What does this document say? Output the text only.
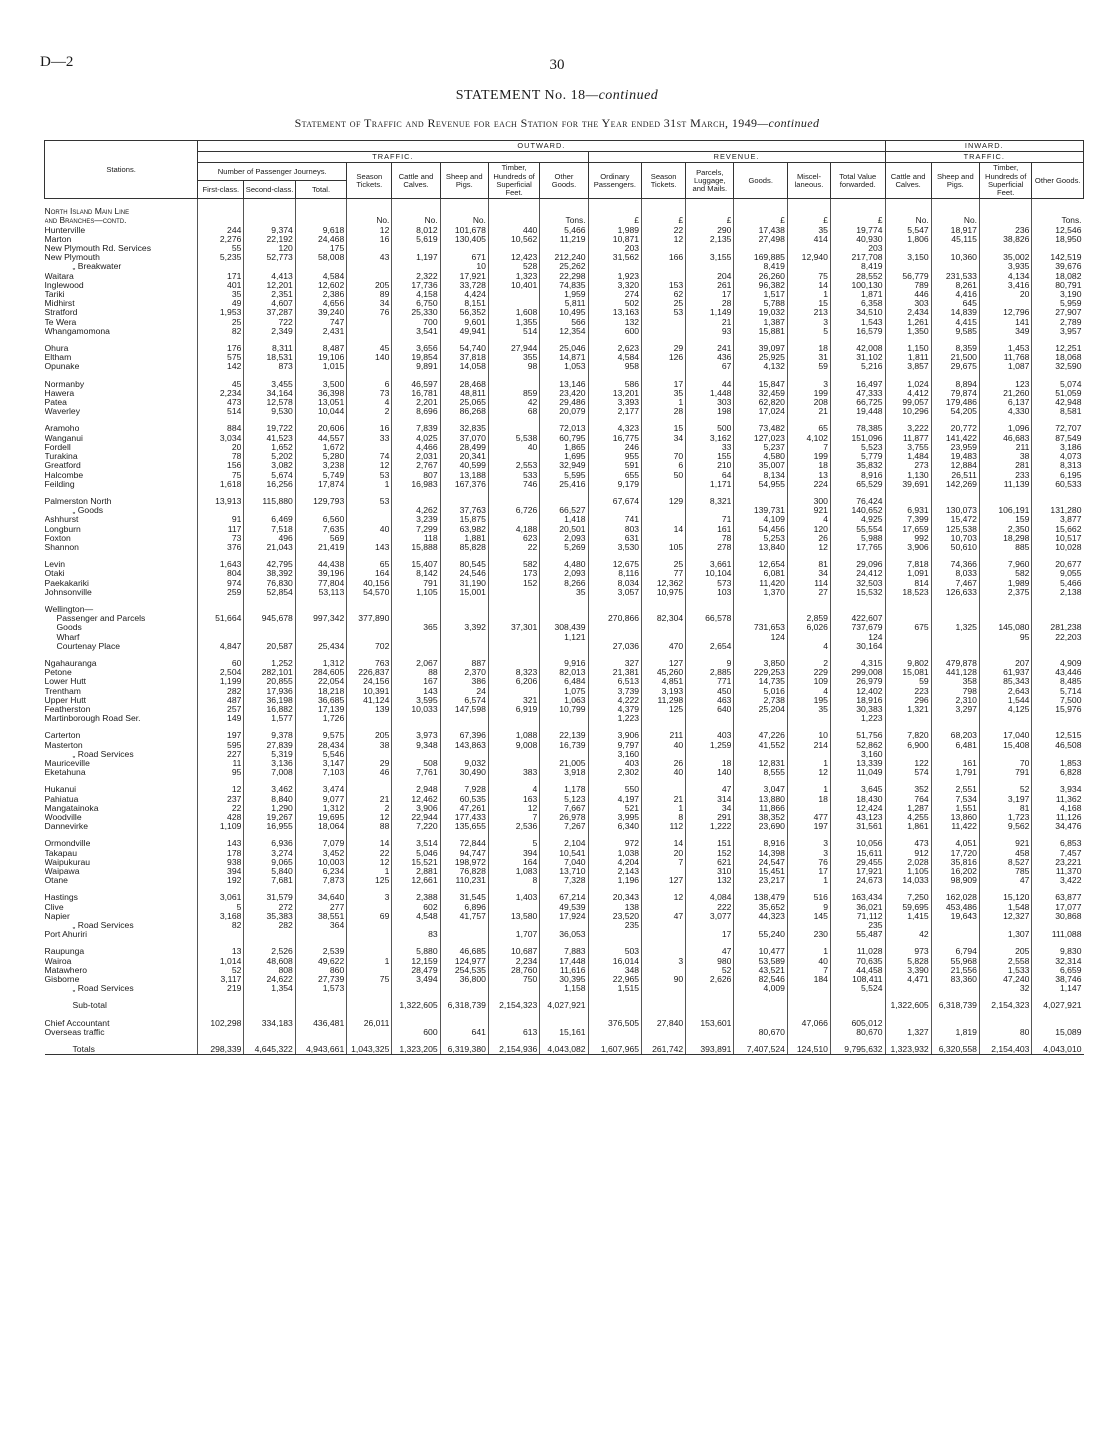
D—2	30
STATEMENT No. 18—continued
Statement of Traffic and Revenue for each Station for the Year ended 31st March, 1949—continued
Stations.	OUTWARD.														INWARD.			
	TRAFFIC.								REVENUE.						TRAFFIC.			
	Number of Passenger Journeys.			Season Tickets.	Cattle and Calves.	Sheep and Pigs.	Timber, Hundreds of Superficial Feet.	Other Goods.	Ordinary Passengers.	Season Tickets.	Parcels, Luggage, and Mails.	Goods.	Miscel-laneous.	Total Value forwarded.	Cattle and Calves.	Sheep and Pigs.	Timber, Hundreds of Superficial Feet.	Other Goods.
	First-class.	Second-class.	Total.															

North Island Main Line																		
and Branches—contd.				No.	No.	No.		Tons.	£	£	£	£	£	£	No.	No.		Tons.
Hunterville	244	9,374	9,618	12	8,012	101,678	440	5,466	1,989	22	290	17,438	35	19,774	5,547	18,917	236	12,546
Marton	2,276	22,192	24,468	16	5,619	130,405	10,562	11,219	10,871	12	2,135	27,498	414	40,930	1,806	45,115	38,826	18,950
New Plymouth Rd. Services	55	120	175						203					203				
New Plymouth	5,235	52,773	58,008	43	1,197	671	12,423	212,240	31,562	166	3,155	169,885	12,940	217,708	3,150	10,360	35,002	142,519
„ Breakwater						10	528	25,262				8,419		8,419			3,935	39,676
Waitara	171	4,413	4,584		2,322	17,921	1,323	22,298	1,923		204	26,260	75	28,552	56,779	231,533	4,134	18,082
Inglewood	401	12,201	12,602	205	17,736	33,728	10,401	74,835	3,320	153	261	96,382	14	100,130	789	8,261	3,416	80,791
Tariki	35	2,351	2,386	89	4,158	4,424		1,959	274	62	17	1,517	1	1,871	446	4,416	20	3,190
Midhirst	49	4,607	4,656	34	6,750	8,151		5,811	502	25	28	5,788	15	6,358	303	645		5,959
Stratford	1,953	37,287	39,240	76	25,330	56,352	1,608	10,495	13,163	53	1,149	19,032	213	34,510	2,434	14,839	12,796	27,907
Te Wera	25	722	747		700	9,601	1,355	566	132		21	1,387	3	1,543	1,261	4,415	141	2,789
Whangamomona	82	2,349	2,431		3,541	49,941	514	12,354	600		93	15,881	5	16,579	1,350	9,585	349	3,957

Ohura	176	8,311	8,487	45	3,656	54,740	27,944	25,046	2,623	29	241	39,097	18	42,008	1,150	8,359	1,453	12,251
Eltham	575	18,531	19,106	140	19,854	37,818	355	14,871	4,584	126	436	25,925	31	31,102	1,811	21,500	11,768	18,068
Opunake	142	873	1,015		9,891	14,058	98	1,053	958		67	4,132	59	5,216	3,857	29,675	1,087	32,590

Normanby	45	3,455	3,500	6	46,597	28,468		13,146	586	17	44	15,847	3	16,497	1,024	8,894	123	5,074
Hawera	2,234	34,164	36,398	73	16,781	48,811	859	23,420	13,201	35	1,448	32,459	199	47,333	4,412	79,874	21,260	51,059
Patea	473	12,578	13,051	4	2,201	25,065	42	29,486	3,393	1	303	62,820	208	66,725	99,057	179,486	6,137	42,948
Waverley	514	9,530	10,044	2	8,696	86,268	68	20,079	2,177	28	198	17,024	21	19,448	10,296	54,205	4,330	8,581

Aramoho	884	19,722	20,606	16	7,839	32,835		72,013	4,323	15	500	73,482	65	78,385	3,222	20,772	1,096	72,707
Wanganui	3,034	41,523	44,557	33	4,025	37,070	5,538	60,795	16,775	34	3,162	127,023	4,102	151,096	11,877	141,422	46,683	87,549
Fordell	20	1,652	1,672		4,466	28,499	40	1,865	246		33	5,237	7	5,523	3,755	23,959	211	3,186
Turakina	78	5,202	5,280	74	2,031	20,341		1,695	955	70	155	4,580	199	5,779	1,484	19,483	38	4,073
Greatford	156	3,082	3,238	12	2,767	40,599	2,553	32,949	591	6	210	35,007	18	35,832	273	12,884	281	8,313
Halcombe	75	5,674	5,749	53	807	13,188	533	5,595	655	50	64	8,134	13	8,916	1,130	26,511	233	6,195
Feilding	1,618	16,256	17,874	1	16,983	167,376	746	25,416	9,179		1,171	54,955	224	65,529	39,691	142,269	11,139	60,533

Palmerston North	13,913	115,880	129,793	53					67,674	129	8,321		300	76,424				
„ Goods					4,262	37,763	6,726	66,527				139,731	921	140,652	6,931	130,073	106,191	131,280
Ashhurst	91	6,469	6,560		3,239	15,875		1,418	741		71	4,109	4	4,925	7,399	15,472	159	3,877
Longburn	117	7,518	7,635	40	7,299	63,982	4,188	20,501	803	14	161	54,456	120	55,554	17,659	125,538	2,350	15,662
Foxton	73	496	569		118	1,881	623	2,093	631		78	5,253	26	5,988	992	10,703	18,298	10,517
Shannon	376	21,043	21,419	143	15,888	85,828	22	5,269	3,530	105	278	13,840	12	17,765	3,906	50,610	885	10,028

Levin	1,643	42,795	44,438	65	15,407	80,545	582	4,480	12,675	25	3,661	12,654	81	29,096	7,818	74,366	7,960	20,677
Otaki	804	38,392	39,196	164	8,142	24,546	173	2,093	8,116	77	10,104	6,081	34	24,412	1,091	8,033	582	9,055
Paekakariki	974	76,830	77,804	40,156	791	31,190	152	8,266	8,034	12,362	573	11,420	114	32,503	814	7,467	1,989	5,466
Johnsonville	259	52,854	53,113	54,570	1,105	15,001		35	3,057	10,975	103	1,370	27	15,532	18,523	126,633	2,375	2,138

Wellington—																		
Passenger and Parcels	51,664	945,678	997,342	377,890					270,866	82,304	66,578		2,859	422,607				
Goods					365	3,392	37,301	308,439				731,653	6,026	737,679	675	1,325	145,080	281,238
Wharf								1,121				124		124			95	22,203
Courtenay Place	4,847	20,587	25,434	702					27,036	470	2,654		4	30,164				

Ngahauranga	60	1,252	1,312	763	2,067	887		9,916	327	127	9	3,850	2	4,315	9,802	479,878	207	4,909
Petone	2,504	282,101	284,605	226,837	88	2,370	8,323	82,013	21,381	45,260	2,885	229,253	229	299,008	15,081	441,128	61,937	43,446
Lower Hutt	1,199	20,855	22,054	24,156	167	386	6,206	6,484	6,513	4,851	771	14,735	109	26,979	59	358	85,343	8,485
Trentham	282	17,936	18,218	10,391	143	24		1,075	3,739	3,193	450	5,016	4	12,402	223	798	2,643	5,714
Upper Hutt	487	36,198	36,685	41,124	3,595	6,574	321	1,063	4,222	11,298	463	2,738	195	18,916	296	2,310	1,544	7,500
Featherston	257	16,882	17,139	139	10,033	147,598	6,919	10,799	4,379	125	640	25,204	35	30,383	1,321	3,297	4,125	15,976
Martinborough Road Ser.	149	1,577	1,726						1,223					1,223				

Carterton	197	9,378	9,575	205	3,973	67,396	1,088	22,139	3,906	211	403	47,226	10	51,756	7,820	68,203	17,040	12,515
Masterton	595	27,839	28,434	38	9,348	143,863	9,008	16,739	9,797	40	1,259	41,552	214	52,862	6,900	6,481	15,408	46,508
„ Road Services	227	5,319	5,546						3,160					3,160				
Mauriceville	11	3,136	3,147	29	508	9,032		21,005	403	26	18	12,831	1	13,339	122	161	70	1,853
Eketahuna	95	7,008	7,103	46	7,761	30,490	383	3,918	2,302	40	140	8,555	12	11,049	574	1,791	791	6,828

Hukanui	12	3,462	3,474		2,948	7,928	4	1,178	550		47	3,047	1	3,645	352	2,551	52	3,934
Pahiatua	237	8,840	9,077	21	12,462	60,535	163	5,123	4,197	21	314	13,880	18	18,430	764	7,534	3,197	11,362
Mangatainoka	22	1,290	1,312	2	3,906	47,261	12	7,667	521	1	34	11,866		12,424	1,287	1,551	81	4,168
Woodville	428	19,267	19,695	12	22,944	177,433	7	26,978	3,995	8	291	38,352	477	43,123	4,255	13,860	1,723	11,126
Dannevirke	1,109	16,955	18,064	88	7,220	135,655	2,536	7,267	6,340	112	1,222	23,690	197	31,561	1,861	11,422	9,562	34,476

Ormondville	143	6,936	7,079	14	3,514	72,844	5	2,104	972	14	151	8,916	3	10,056	473	4,051	921	6,853
Takapau	178	3,274	3,452	22	5,046	94,747	394	10,541	1,038	20	152	14,398	3	15,611	912	17,720	458	7,457
Waipukurau	938	9,065	10,003	12	15,521	198,972	164	7,040	4,204	7	621	24,547	76	29,455	2,028	35,816	8,527	23,221
Waipawa	394	5,840	6,234	1	2,881	76,828	1,083	13,710	2,143		310	15,451	17	17,921	1,105	16,202	785	11,370
Otane	192	7,681	7,873	125	12,661	110,231	8	7,328	1,196	127	132	23,217	1	24,673	14,033	98,909	47	3,422

Hastings	3,061	31,579	34,640	3	2,388	31,545	1,403	67,214	20,343	12	4,084	138,479	516	163,434	7,250	162,028	15,120	63,877
Clive	5	272	277		602	6,896		49,539	138		222	35,652	9	36,021	59,695	453,486	1,548	17,077
Napier	3,168	35,383	38,551	69	4,548	41,757	13,580	17,924	23,520	47	3,077	44,323	145	71,112	1,415	19,643	12,327	30,868
„ Road Services	82	282	364						235					235				
Port Ahuriri					83		1,707	36,053			17	55,240	230	55,487	42		1,307	111,088

Raupunga	13	2,526	2,539		5,880	46,685	10,687	7,883	503		47	10,477	1	11,028	973	6,794	205	9,830
Wairoa	1,014	48,608	49,622	1	12,159	124,977	2,234	17,448	16,014	3	980	53,589	40	70,635	5,828	55,968	2,558	32,314
Matawhero	52	808	860		28,479	254,535	28,760	11,616	348		52	43,521	7	44,458	3,390	21,556	1,533	6,659
Gisborne	3,117	24,622	27,739	75	3,494	36,800	750	30,395	22,965	90	2,626	82,546	184	108,411	4,471	83,360	47,240	38,746
„ Road Services	219	1,354	1,573					1,158	1,515			4,009		5,524			32	1,147

Sub-total					1,322,605	6,318,739	2,154,323	4,027,921							1,322,605	6,318,739	2,154,323	4,027,921

Chief Accountant	102,298	334,183	436,481	26,011					376,505	27,840	153,601		47,066	605,012				
Overseas traffic					600	641	613	15,161				80,670		80,670	1,327	1,819	80	15,089

Totals	298,339	4,645,322	4,943,661	1,043,325	1,323,205	6,319,380	2,154,936	4,043,082	1,607,965	261,742	393,891	7,407,524	124,510	9,795,632	1,323,932	6,320,558	2,154,403	4,043,010
